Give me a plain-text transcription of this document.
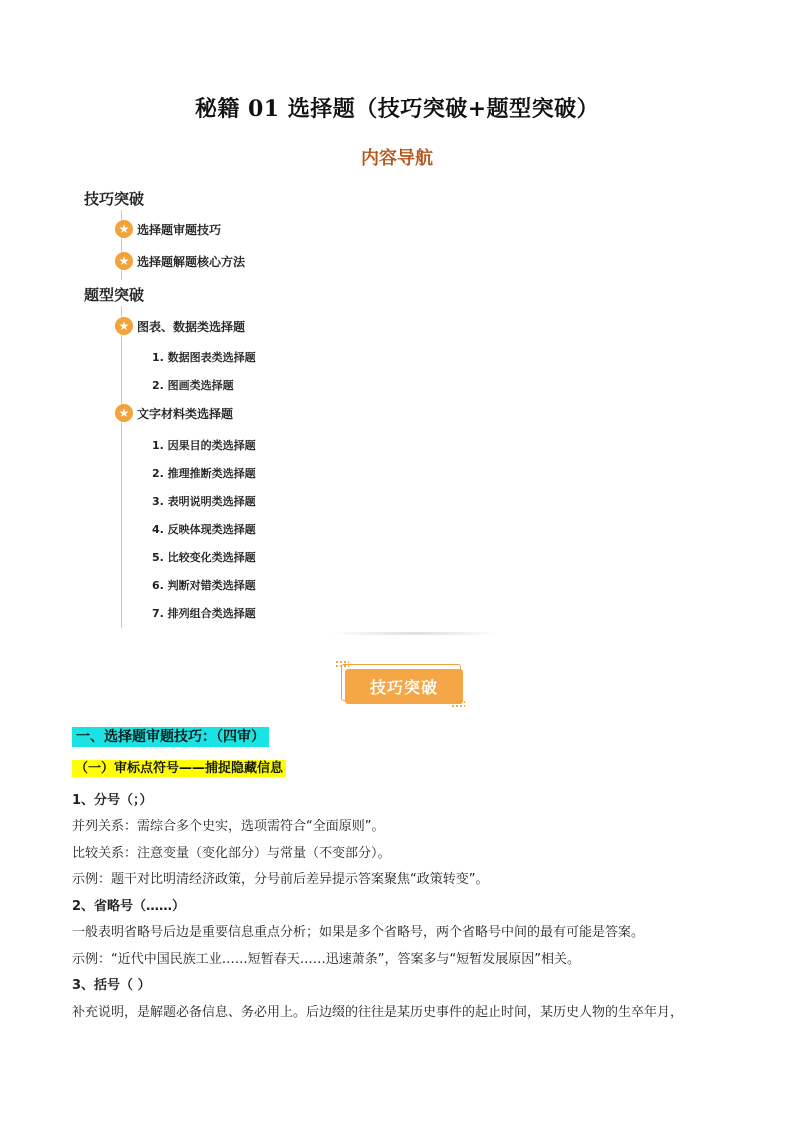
秘籍 01 选择题（技巧突破+题型突破）
内容导航
技巧突破
★ 选择题审题技巧
★ 选择题解题核心方法
题型突破
★ 图表、数据类选择题
1. 数据图表类选择题
2. 图画类选择题
★ 文字材料类选择题
1. 因果目的类选择题
2. 推理推断类选择题
3. 表明说明类选择题
4. 反映体现类选择题
5. 比较变化类选择题
6. 判断对错类选择题
7. 排列组合类选择题
技巧突破
一、选择题审题技巧：（四审）
（一）审标点符号——捕捉隐藏信息
1、分号（；）
并列关系：需综合多个史实，选项需符合“全面原则”。
比较关系：注意变量（变化部分）与常量（不变部分）。
示例：题干对比明清经济政策，分号前后差异提示答案聚焦“政策转变”。
2、省略号（……）
一般表明省略号后边是重要信息重点分析；如果是多个省略号，两个省略号中间的最有可能是答案。
示例：“近代中国民族工业……短暂春天……迅速萧条”，答案多与“短暂发展原因”相关。
3、括号（ ）
补充说明，是解题必备信息、务必用上。后边缀的往往是某历史事件的起止时间，某历史人物的生卒年月，
